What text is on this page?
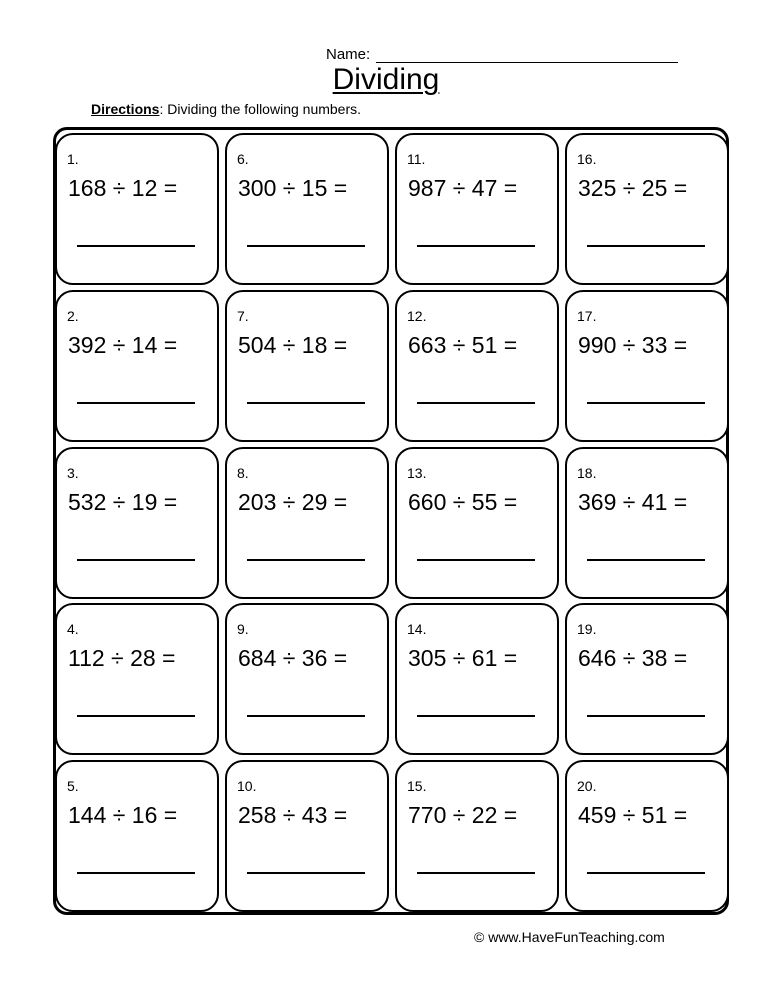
Name:
Dividing
Directions: Dividing the following numbers.
1.
168 ÷ 12 =
2.
392 ÷ 14 =
3.
532 ÷ 19 =
4.
112 ÷ 28 =
5.
144 ÷ 16 =
6.
300 ÷ 15 =
7.
504 ÷ 18 =
8.
203 ÷ 29 =
9.
684 ÷ 36 =
10.
258 ÷ 43 =
11.
987 ÷ 47 =
12.
663 ÷ 51 =
13.
660 ÷ 55 =
14.
305 ÷ 61 =
15.
770 ÷ 22 =
16.
325 ÷ 25 =
17.
990 ÷ 33 =
18.
369 ÷ 41 =
19.
646 ÷ 38 =
20.
459 ÷ 51 =
© www.HaveFunTeaching.com
